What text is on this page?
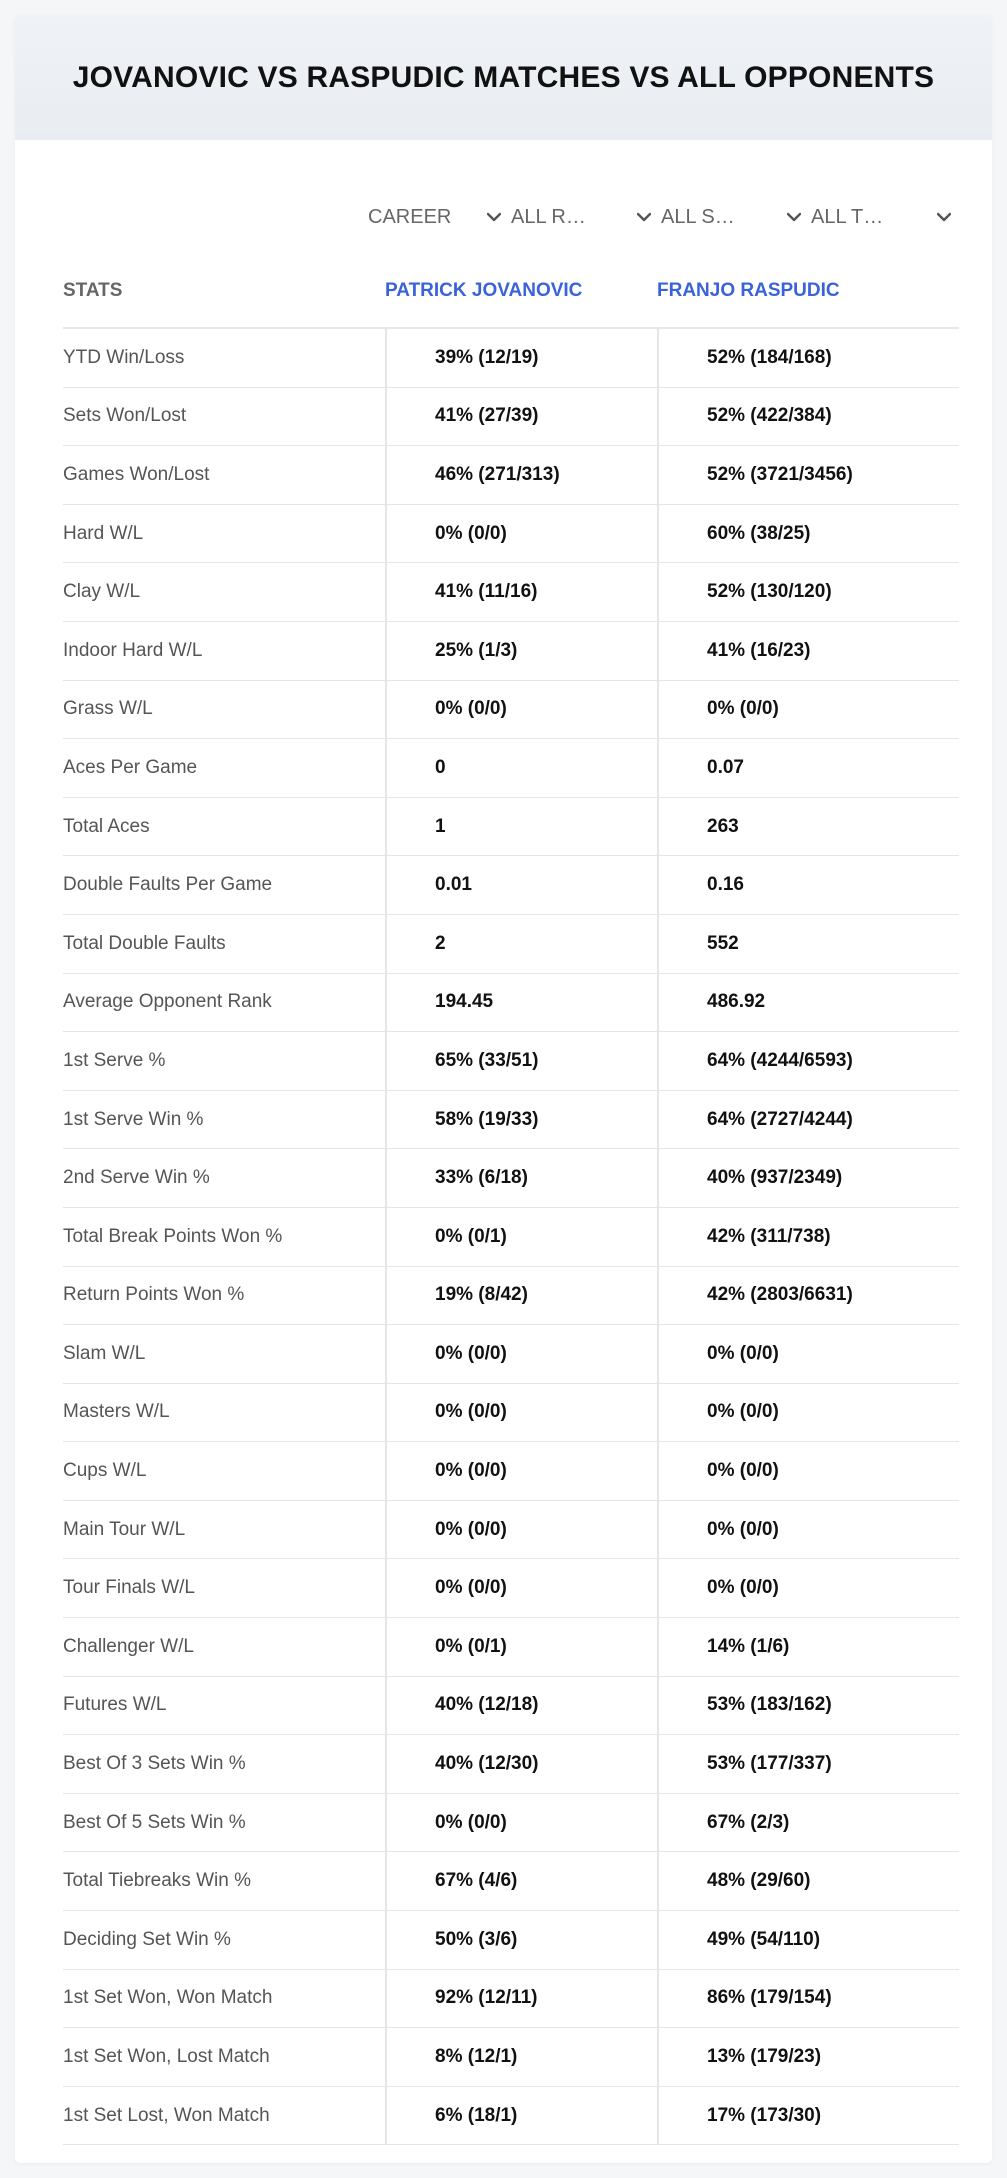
JOVANOVIC VS RASPUDIC MATCHES VS ALL OPPONENTS
CAREER	ALL R…	ALL S…	ALL T…
STATS	PATRICK JOVANOVIC	FRANJO RASPUDIC
YTD Win/Loss	39% (12/19)	52% (184/168)
Sets Won/Lost	41% (27/39)	52% (422/384)
Games Won/Lost	46% (271/313)	52% (3721/3456)
Hard W/L	0% (0/0)	60% (38/25)
Clay W/L	41% (11/16)	52% (130/120)
Indoor Hard W/L	25% (1/3)	41% (16/23)
Grass W/L	0% (0/0)	0% (0/0)
Aces Per Game	0	0.07
Total Aces	1	263
Double Faults Per Game	0.01	0.16
Total Double Faults	2	552
Average Opponent Rank	194.45	486.92
1st Serve %	65% (33/51)	64% (4244/6593)
1st Serve Win %	58% (19/33)	64% (2727/4244)
2nd Serve Win %	33% (6/18)	40% (937/2349)
Total Break Points Won %	0% (0/1)	42% (311/738)
Return Points Won %	19% (8/42)	42% (2803/6631)
Slam W/L	0% (0/0)	0% (0/0)
Masters W/L	0% (0/0)	0% (0/0)
Cups W/L	0% (0/0)	0% (0/0)
Main Tour W/L	0% (0/0)	0% (0/0)
Tour Finals W/L	0% (0/0)	0% (0/0)
Challenger W/L	0% (0/1)	14% (1/6)
Futures W/L	40% (12/18)	53% (183/162)
Best Of 3 Sets Win %	40% (12/30)	53% (177/337)
Best Of 5 Sets Win %	0% (0/0)	67% (2/3)
Total Tiebreaks Win %	67% (4/6)	48% (29/60)
Deciding Set Win %	50% (3/6)	49% (54/110)
1st Set Won, Won Match	92% (12/11)	86% (179/154)
1st Set Won, Lost Match	8% (12/1)	13% (179/23)
1st Set Lost, Won Match	6% (18/1)	17% (173/30)
